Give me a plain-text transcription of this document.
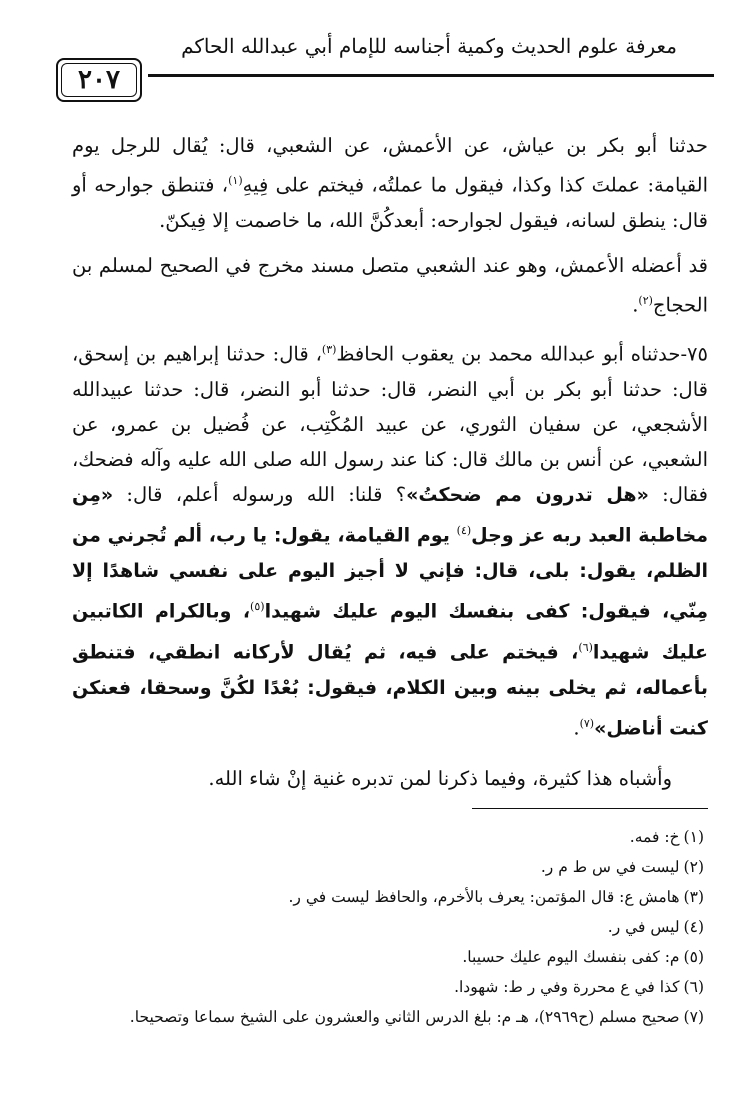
معرفة علوم الحديث وكمية أجناسه للإمام أبي عبدالله الحاكم
٢٠٧

حدثنا أبو بكر بن عياش، عن الأعمش، عن الشعبي، قال: يُقال للرجل يوم القيامة: عملتَ كذا وكذا، فيقول ما عملتُه، فيختم على فِيهِ$^{(١)}$، فتنطق جوارحه أو قال: ينطق لسانه، فيقول لجوارحه: أبعدكُنَّ الله، ما خاصمت إلا فِيكنّ.

قد أعضله الأعمش، وهو عند الشعبي متصل مسند مخرج في الصحيح لمسلم بن الحجاج$^{(٢)}$.

٧٥-حدثناه أبو عبدالله محمد بن يعقوب الحافظ$^{(٣)}$، قال: حدثنا إبراهيم بن إسحق، قال: حدثنا أبو بكر بن أبي النضر، قال: حدثنا أبو النضر، قال: حدثنا عبيدالله الأشجعي، عن سفيان الثوري، عن عبيد المُكْتِب، عن فُضيل بن عمرو، عن الشعبي، عن أنس بن مالك قال: كنا عند رسول الله صلى الله عليه وآله فضحك، فقال: «هل تدرون مم ضحكتُ»؟ قلنا: الله ورسوله أعلم، قال: «مِن مخاطبة العبد ربه عز وجل$^{(٤)}$ يوم القيامة، يقول: يا رب، ألم تُجرني من الظلم، يقول: بلى، قال: فإني لا أجيز اليوم على نفسي شاهدًا إلا مِنّي، فيقول: كفى بنفسك اليوم عليك شهيدا$^{(٥)}$، وبالكرام الكاتبين عليك شهيدا$^{(٦)}$، فيختم على فيه، ثم يُقال لأركانه انطقي، فتنطق بأعماله، ثم يخلى بينه وبين الكلام، فيقول: بُعْدًا لكُنَّ وسحقا، فعنكن كنت أناضل»$^{(٧)}$.

وأشباه هذا كثيرة، وفيما ذكرنا لمن تدبره غنية إنْ شاء الله.

(١)خ: فمه.
(٢)ليست في س ط م ر.
(٣)هامش ع: قال المؤتمن: يعرف بالأخرم، والحافظ ليست في ر.
(٤)ليس في ر.
(٥)م: كفى بنفسك اليوم عليك حسيبا.
(٦)كذا في ع محررة وفي ر ط: شهودا.
(٧)صحيح مسلم (ح٢٩٦٩)، هـ م: بلغ الدرس الثاني والعشرون على الشيخ سماعا وتصحيحا.
